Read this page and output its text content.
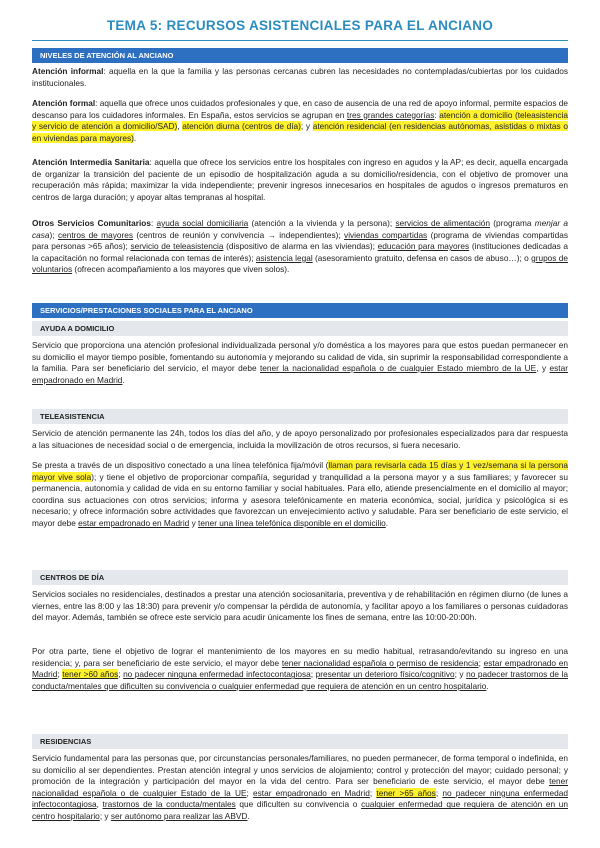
TEMA 5: RECURSOS ASISTENCIALES PARA EL ANCIANO
NIVELES DE ATENCIÓN AL ANCIANO

Atención informal: aquella en la que la familia y las personas cercanas cubren las necesidades no contempladas/cubiertas por los cuidados institucionales.

Atención formal: aquella que ofrece unos cuidados profesionales y que, en caso de ausencia de una red de apoyo informal, permite espacios de descanso para los cuidadores informales. En España, estos servicios se agrupan en tres grandes categorías: atención a domicilio (teleasistencia y servicio de atención a domicilio/SAD), atención diurna (centros de día); y atención residencial (en residencias autónomas, asistidas o mixtas o en viviendas para mayores).

Atención Intermedia Sanitaria: aquella que ofrece los servicios entre los hospitales con ingreso en agudos y la AP; es decir, aquella encargada de organizar la transición del paciente de un episodio de hospitalización aguda a su domicilio/residencia, con el objetivo de promover una recuperación más rápida; maximizar la vida independiente; prevenir ingresos innecesarios en hospitales de agudos o ingresos prematuros en centros de larga duración; y apoyar altas tempranas al hospital.

Otros Servicios Comunitarios: ayuda social domiciliaria (atención a la vivienda y la persona); servicios de alimentación (programa menjar a casa); centros de mayores (centros de reunión y convivencia → independientes); viviendas compartidas (programa de viviendas compartidas para personas >65 años); servicio de teleasistencia (dispositivo de alarma en las viviendas); educación para mayores (instituciones dedicadas a la capacitación no formal relacionada con temas de interés); asistencia legal (asesoramiento gratuito, defensa en casos de abuso…); o grupos de voluntarios (ofrecen acompañamiento a los mayores que viven solos).

SERVICIOS/PRESTACIONES SOCIALES PARA EL ANCIANO
AYUDA A DOMICILIO

Servicio que proporciona una atención profesional individualizada personal y/o doméstica a los mayores para que estos puedan permanecer en su domicilio el mayor tiempo posible, fomentando su autonomía y mejorando su calidad de vida, sin suprimir la responsabilidad correspondiente a la familia. Para ser beneficiario del servicio, el mayor debe tener la nacionalidad española o de cualquier Estado miembro de la UE, y estar empadronado en Madrid.

TELEASISTENCIA

Servicio de atención permanente las 24h, todos los días del año, y de apoyo personalizado por profesionales especializados para dar respuesta a las situaciones de necesidad social o de emergencia, incluida la movilización de otros recursos, si fuera necesario.

Se presta a través de un dispositivo conectado a una línea telefónica fija/móvil (llaman para revisarla cada 15 días y 1 vez/semana si la persona mayor vive sola); y tiene el objetivo de proporcionar compañía, seguridad y tranquilidad a la persona mayor y a sus familiares; y favorecer su permanencia, autonomía y calidad de vida en su entorno familiar y social habituales. Para ello, atiende presencialmente en el domicilio al mayor; coordina sus actuaciones con otros servicios; informa y asesora telefónicamente en materia económica, social, jurídica y psicológica si es necesario; y ofrece información sobre actividades que favorezcan un envejecimiento activo y saludable. Para ser beneficiario de este servicio, el mayor debe estar empadronado en Madrid y tener una línea telefónica disponible en el domicilio.

CENTROS DE DÍA

Servicios sociales no residenciales, destinados a prestar una atención sociosanitaria, preventiva y de rehabilitación en régimen diurno (de lunes a viernes, entre las 8:00 y las 18:30) para prevenir y/o compensar la pérdida de autonomía, y facilitar apoyo a los familiares o personas cuidadoras del mayor. Además, también se ofrece este servicio para acudir únicamente los fines de semana, entre las 10:00-20:00h.

Por otra parte, tiene el objetivo de lograr el mantenimiento de los mayores en su medio habitual, retrasando/evitando su ingreso en una residencia; y, para ser beneficiario de este servicio, el mayor debe tener nacionalidad española o permiso de residencia; estar empadronado en Madrid; tener >60 años; no padecer ninguna enfermedad infectocontagiosa; presentar un deterioro físico/cognitivo; y no padecer trastornos de la conducta/mentales que dificulten su convivencia o cualquier enfermedad que requiera de atención en un centro hospitalario.

RESIDENCIAS

Servicio fundamental para las personas que, por circunstancias personales/familiares, no pueden permanecer, de forma temporal o indefinida, en su domicilio al ser dependientes. Prestan atención integral y unos servicios de alojamiento; control y protección del mayor; cuidado personal; y promoción de la integración y participación del mayor en la vida del centro. Para ser beneficiario de este servicio, el mayor debe tener nacionalidad española o de cualquier Estado de la UE; estar empadronado en Madrid; tener >65 años; no padecer ninguna enfermedad infectocontagiosa, trastornos de la conducta/mentales que dificulten su convivencia o cualquier enfermedad que requiera de atención en un centro hospitalario; y ser autónomo para realizar las ABVD.
